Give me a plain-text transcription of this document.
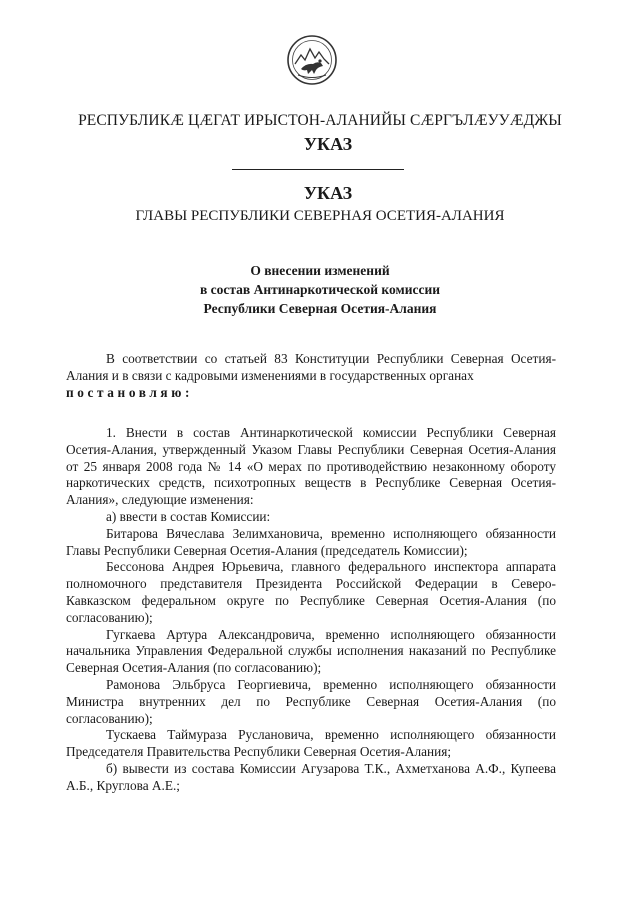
РЕСПУБЛИКÆ ЦÆГАТ ИРЫСТОН-АЛАНИЙЫ СÆРГЪЛÆУУÆДЖЫ
УКАЗ
УКАЗ
ГЛАВЫ РЕСПУБЛИКИ СЕВЕРНАЯ ОСЕТИЯ-АЛАНИЯ
О внесении изменений
в состав Антинаркотической комиссии
Республики Северная Осетия-Алания

В соответствии со статьей 83 Конституции Республики Северная Осетия-Алания и в связи с кадровыми изменениями в государственных органах

постановляю:

1. Внести в состав Антинаркотической комиссии Республики Северная Осетия-Алания, утвержденный Указом Главы Республики Северная Осетия-Алания от 25 января 2008 года № 14 «О мерах по противодействию незаконному обороту наркотических средств, психотропных веществ в Республике Северная Осетия-Алания», следующие изменения:

а) ввести в состав Комиссии:

Битарова Вячеслава Зелимхановича, временно исполняющего обязанности Главы Республики Северная Осетия-Алания (председатель Комиссии);

Бессонова Андрея Юрьевича, главного федерального инспектора аппарата полномочного представителя Президента Российской Федерации в Северо-Кавказском федеральном округе по Республике Северная Осетия-Алания (по согласованию);

Гугкаева Артура Александровича, временно исполняющего обязанности начальника Управления Федеральной службы исполнения наказаний по Республике Северная Осетия-Алания (по согласованию);

Рамонова Эльбруса Георгиевича, временно исполняющего обязанности Министра внутренних дел по Республике Северная Осетия-Алания (по согласованию);

Тускаева Таймураза Руслановича, временно исполняющего обязанности Председателя Правительства Республики Северная Осетия-Алания;

б) вывести из состава Комиссии Агузарова Т.К., Ахметханова А.Ф., Купеева А.Б., Круглова А.Е.;
